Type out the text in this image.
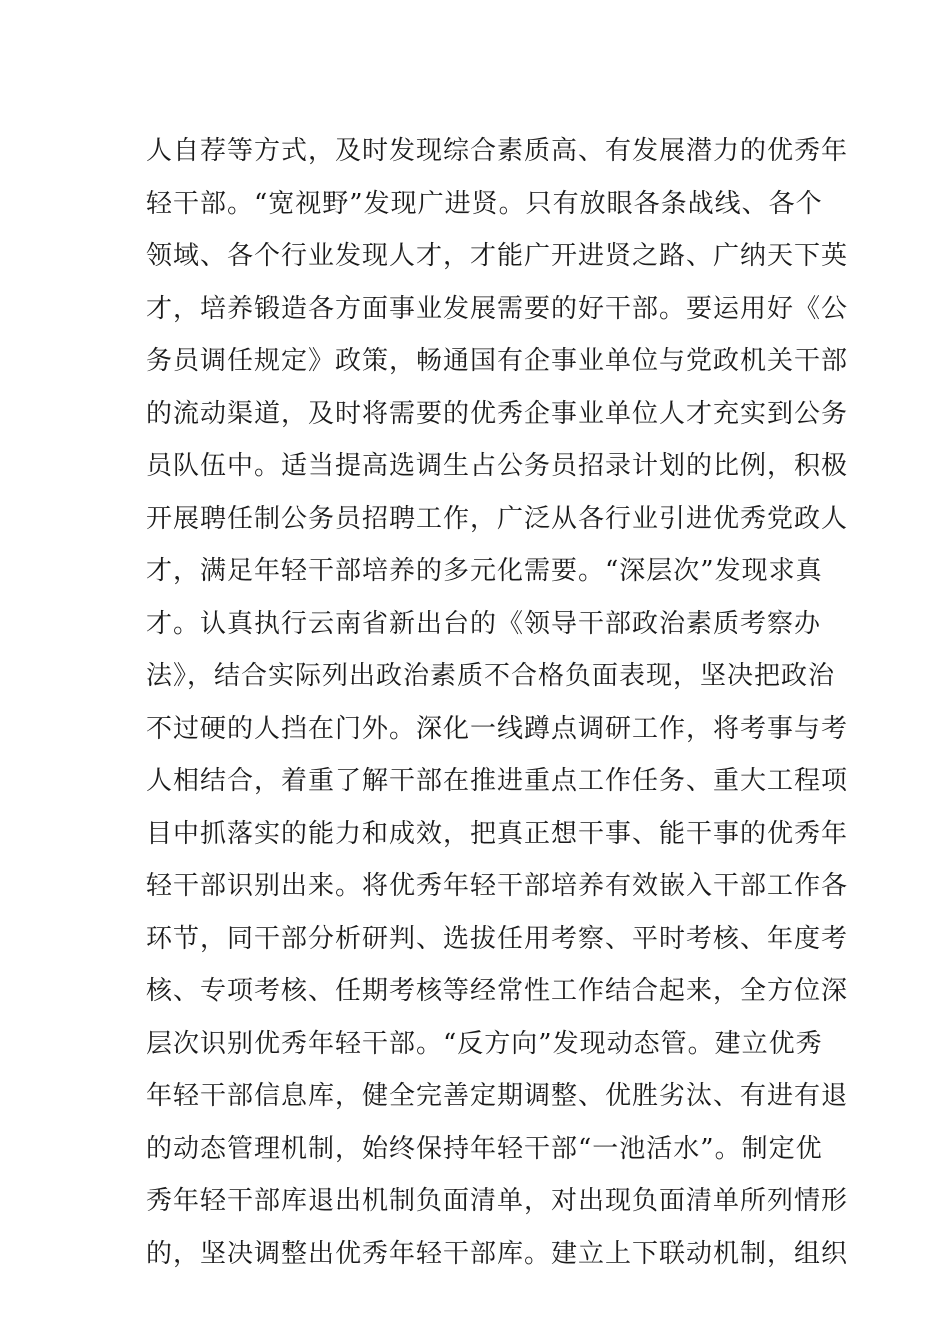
人自荐等方式，及时发现综合素质高、有发展潜力的优秀年
轻干部。“宽视野”发现广进贤。只有放眼各条战线、各个
领域、各个行业发现人才，才能广开进贤之路、广纳天下英
才，培养锻造各方面事业发展需要的好干部。要运用好《公
务员调任规定》政策，畅通国有企事业单位与党政机关干部
的流动渠道，及时将需要的优秀企事业单位人才充实到公务
员队伍中。适当提高选调生占公务员招录计划的比例，积极
开展聘任制公务员招聘工作，广泛从各行业引进优秀党政人
才，满足年轻干部培养的多元化需要。“深层次”发现求真
才。认真执行云南省新出台的《领导干部政治素质考察办
法》，结合实际列出政治素质不合格负面表现，坚决把政治
不过硬的人挡在门外。深化一线蹲点调研工作，将考事与考
人相结合，着重了解干部在推进重点工作任务、重大工程项
目中抓落实的能力和成效，把真正想干事、能干事的优秀年
轻干部识别出来。将优秀年轻干部培养有效嵌入干部工作各
环节，同干部分析研判、选拔任用考察、平时考核、年度考
核、专项考核、任期考核等经常性工作结合起来，全方位深
层次识别优秀年轻干部。“反方向”发现动态管。建立优秀
年轻干部信息库，健全完善定期调整、优胜劣汰、有进有退
的动态管理机制，始终保持年轻干部“一池活水”。制定优
秀年轻干部库退出机制负面清单，对出现负面清单所列情形
的，坚决调整出优秀年轻干部库。建立上下联动机制，组织
